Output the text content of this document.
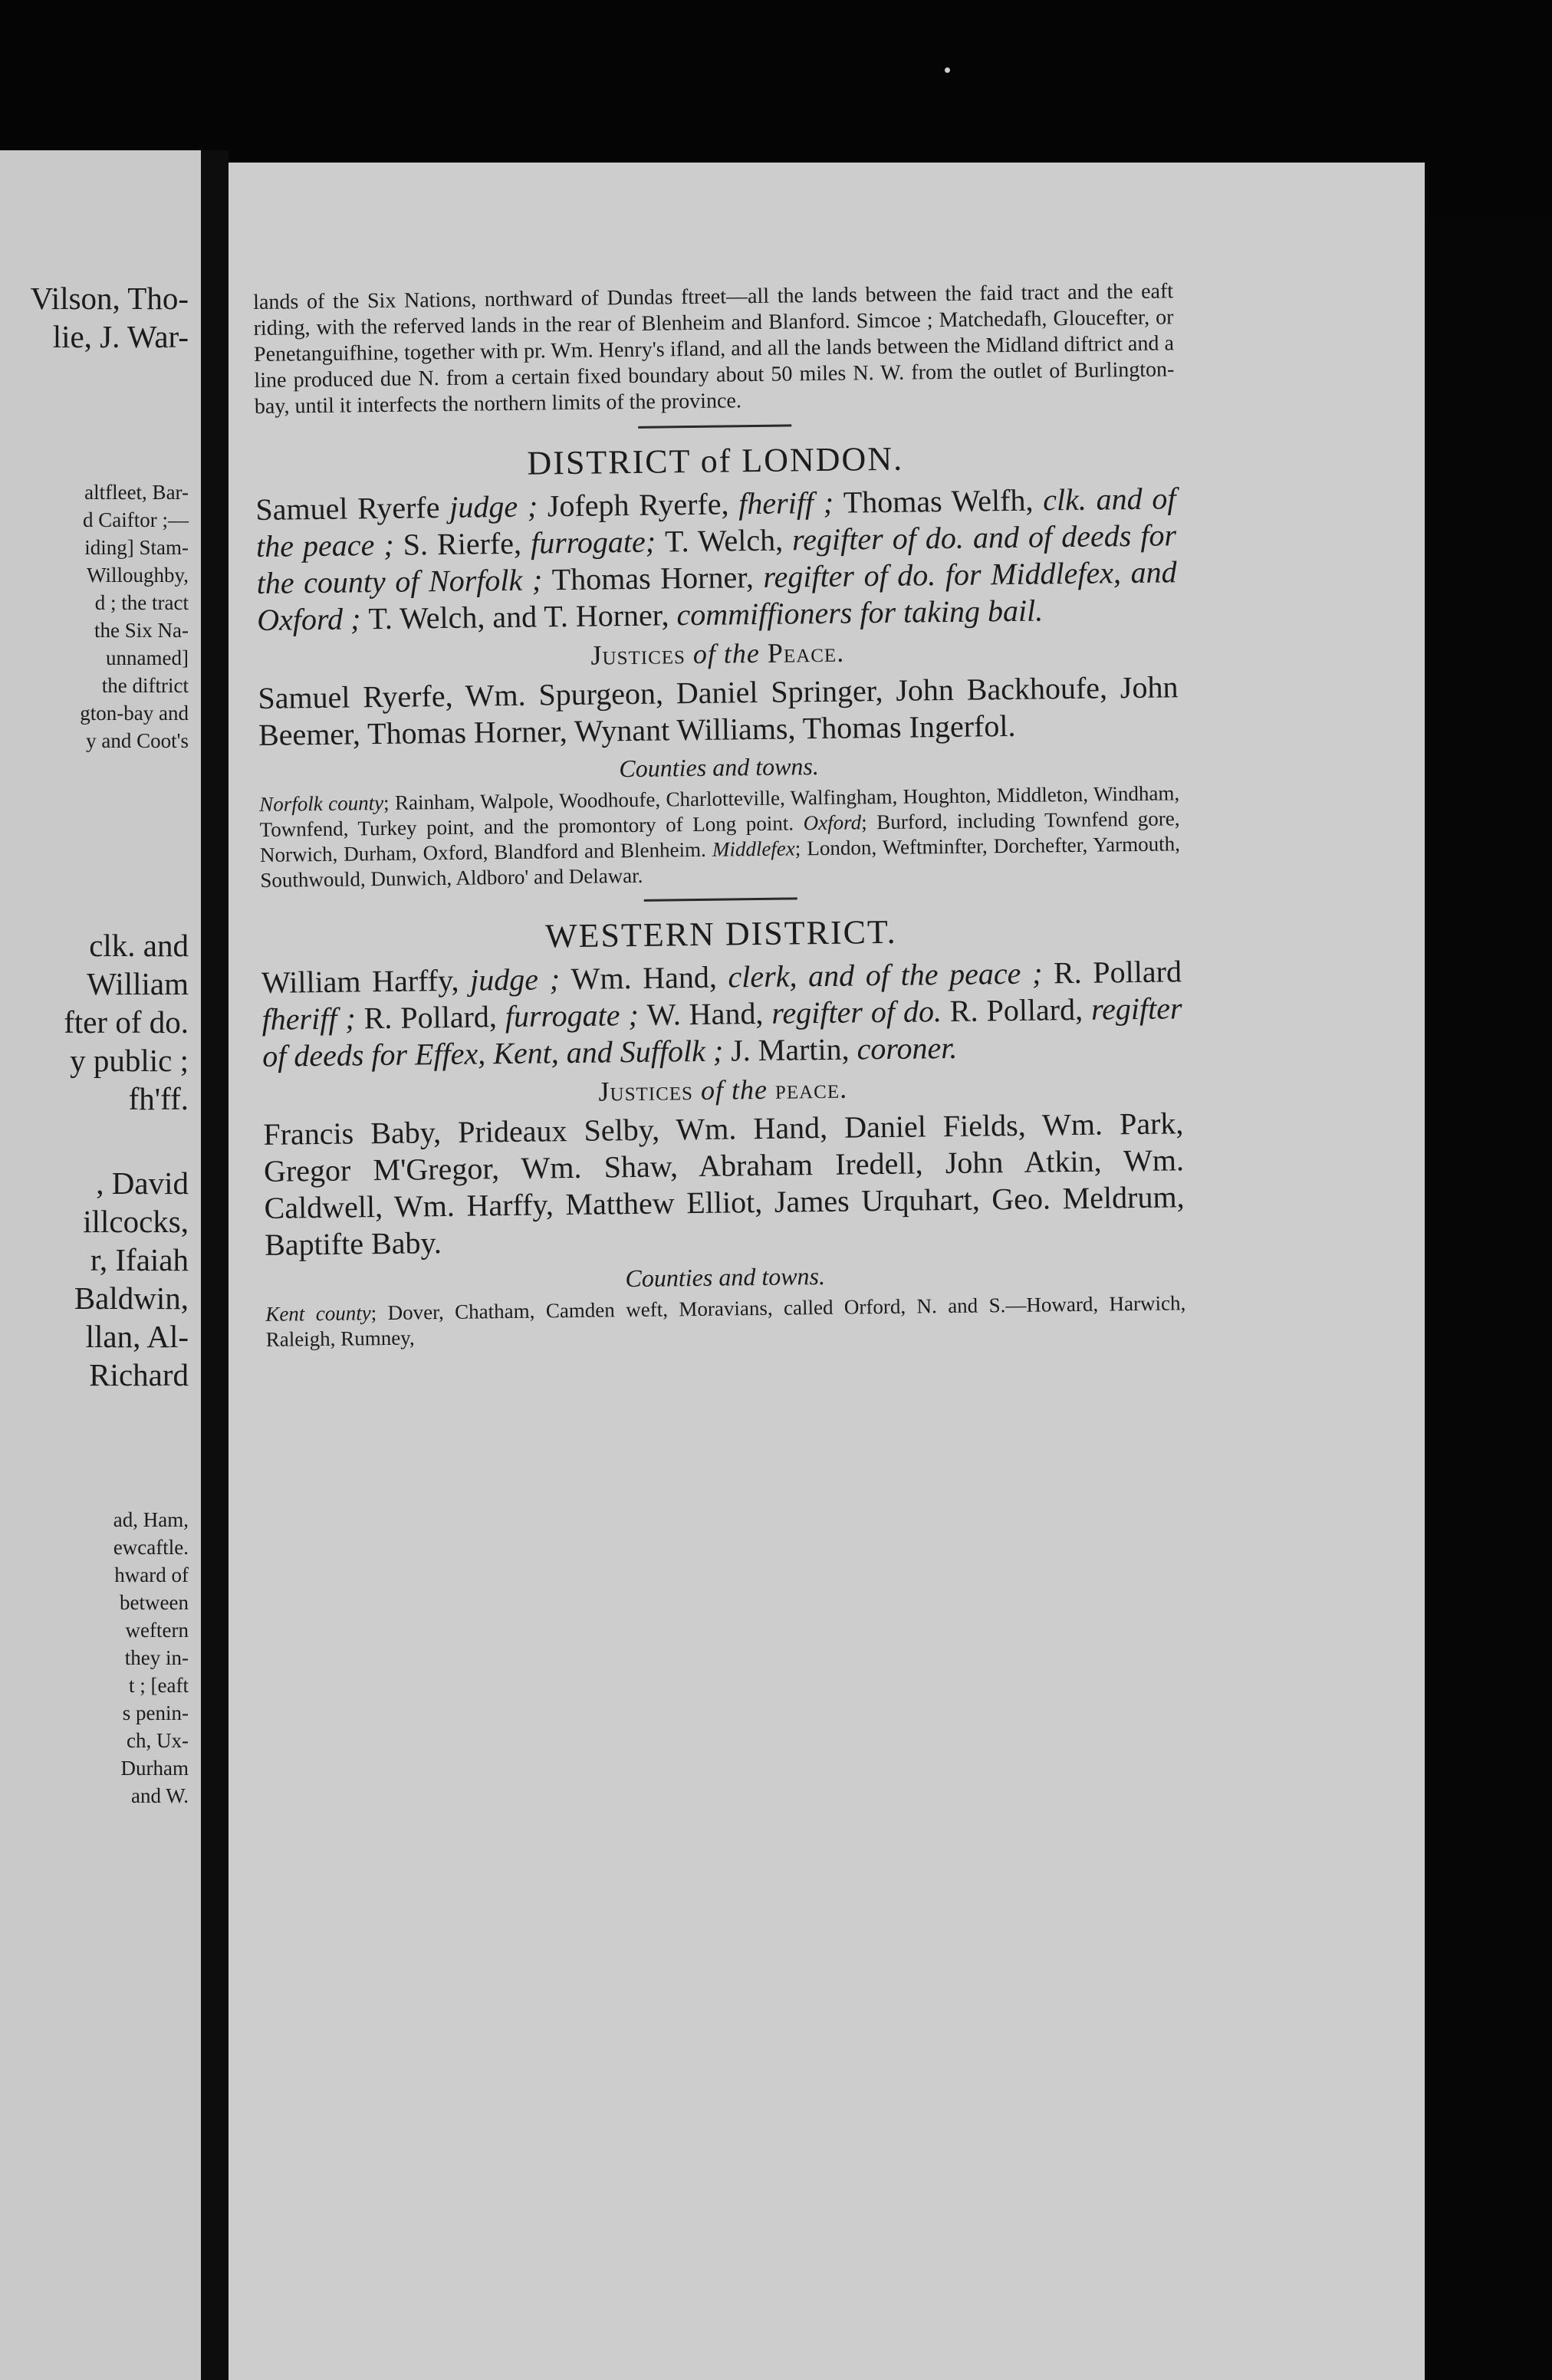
Vilson, Tho-
lie, J. War-
altfleet, Bar-
d Caiftor ;—
iding] Stam-
Willoughby,
d ; the tract
the Six Na-
unnamed]
the diftrict
gton-bay and
y and Coot's
clk. and
William
fter of do.
y public ;
fh'ff.
, David
illcocks,
r, Ifaiah
Baldwin,
llan, Al-
Richard
ad, Ham,
ewcaftle.
hward of
between
weftern
they in-
t ; [eaft
s penin-
ch, Ux-
Durham
and W.

lands of the Six Nations, northward of Dundas ftreet—all the lands between the faid tract and the eaft riding, with the referved lands in the rear of Blenheim and Blanford. Simcoe ; Matchedafh, Gloucefter, or Penetanguifhine, together with pr. Wm. Henry's ifland, and all the lands between the Midland diftrict and a line produced due N. from a certain fixed boundary about 50 miles N. W. from the outlet of Burlington-bay, until it interfects the northern limits of the province.

DISTRICT of LONDON.

Samuel Ryerfe judge ; Jofeph Ryerfe, fheriff ; Thomas Welfh, clk. and of the peace ; S. Rierfe, furrogate; T. Welch, regifter of do. and of deeds for the county of Norfolk ; Thomas Horner, regifter of do. for Middlefex, and Oxford ; T. Welch, and T. Horner, commiffioners for taking bail.

Justices of the Peace.

Samuel Ryerfe, Wm. Spurgeon, Daniel Springer, John Backhoufe, John Beemer, Thomas Horner, Wynant Williams, Thomas Ingerfol.

Counties and towns.

Norfolk county; Rainham, Walpole, Woodhoufe, Charlotteville, Walfingham, Houghton, Middleton, Windham, Townfend, Turkey point, and the promontory of Long point. Oxford; Burford, including Townfend gore, Norwich, Durham, Oxford, Blandford and Blenheim. Middlefex; London, Weftminfter, Dorchefter, Yarmouth, Southwould, Dunwich, Aldboro' and Delawar.

WESTERN DISTRICT.

William Harffy, judge ; Wm. Hand, clerk, and of the peace ; R. Pollard fheriff ; R. Pollard, furrogate ; W. Hand, regifter of do. R. Pollard, regifter of deeds for Effex, Kent, and Suffolk ; J. Martin, coroner.

Justices of the peace.

Francis Baby, Prideaux Selby, Wm. Hand, Daniel Fields, Wm. Park, Gregor M'Gregor, Wm. Shaw, Abraham Iredell, John Atkin, Wm. Caldwell, Wm. Harffy, Matthew Elliot, James Urquhart, Geo. Meldrum, Baptifte Baby.

Counties and towns.

Kent county; Dover, Chatham, Camden weft, Moravians, called Orford, N. and S.—Howard, Harwich, Raleigh, Rumney,
